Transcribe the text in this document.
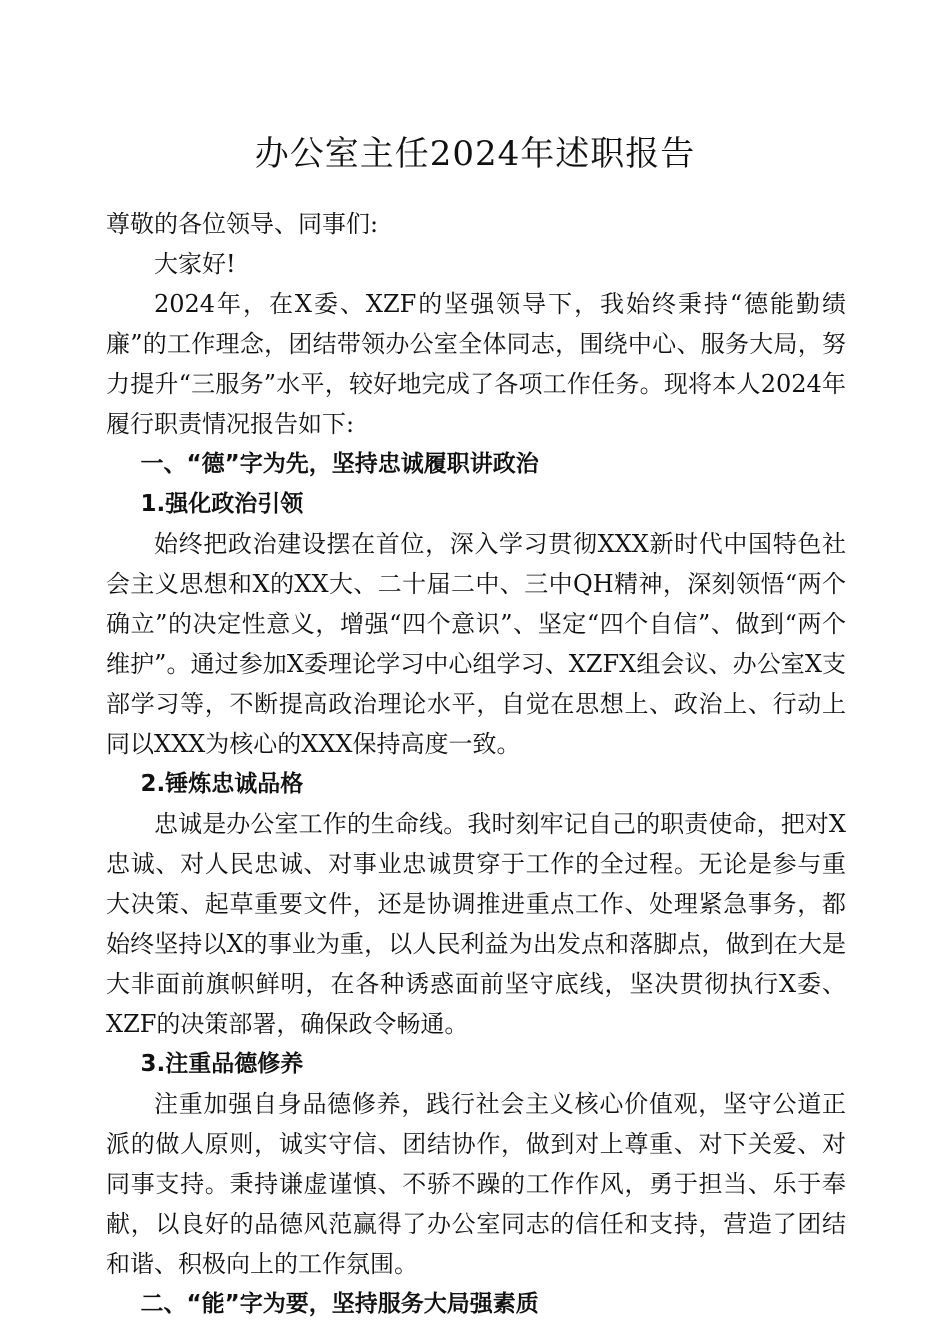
办公室主任2024年述职报告

尊敬的各位领导、同事们:

大家好!

2024年，在X委、XZF的坚强领导下，我始终秉持“德能勤绩廉”的工作理念，团结带领办公室全体同志，围绕中心、服务大局，努力提升“三服务”水平，较好地完成了各项工作任务。现将本人2024年履行职责情况报告如下:

一、“德”字为先，坚持忠诚履职讲政治

1.强化政治引领

始终把政治建设摆在首位，深入学习贯彻XXX新时代中国特色社会主义思想和X的XX大、二十届二中、三中QH精神，深刻领悟“两个确立”的决定性意义，增强“四个意识”、坚定“四个自信”、做到“两个维护”。通过参加X委理论学习中心组学习、XZFX组会议、办公室X支部学习等，不断提高政治理论水平，自觉在思想上、政治上、行动上同以XXX为核心的XXX保持高度一致。

2.锤炼忠诚品格

忠诚是办公室工作的生命线。我时刻牢记自己的职责使命，把对X忠诚、对人民忠诚、对事业忠诚贯穿于工作的全过程。无论是参与重大决策、起草重要文件，还是协调推进重点工作、处理紧急事务，都始终坚持以X的事业为重，以人民利益为出发点和落脚点，做到在大是大非面前旗帜鲜明，在各种诱惑面前坚守底线，坚决贯彻执行X委、XZF的决策部署，确保政令畅通。

3.注重品德修养

注重加强自身品德修养，践行社会主义核心价值观，坚守公道正派的做人原则，诚实守信、团结协作，做到对上尊重、对下关爱、对同事支持。秉持谦虚谨慎、不骄不躁的工作作风，勇于担当、乐于奉献，以良好的品德风范赢得了办公室同志的信任和支持，营造了团结和谐、积极向上的工作氛围。

二、“能”字为要，坚持服务大局强素质
